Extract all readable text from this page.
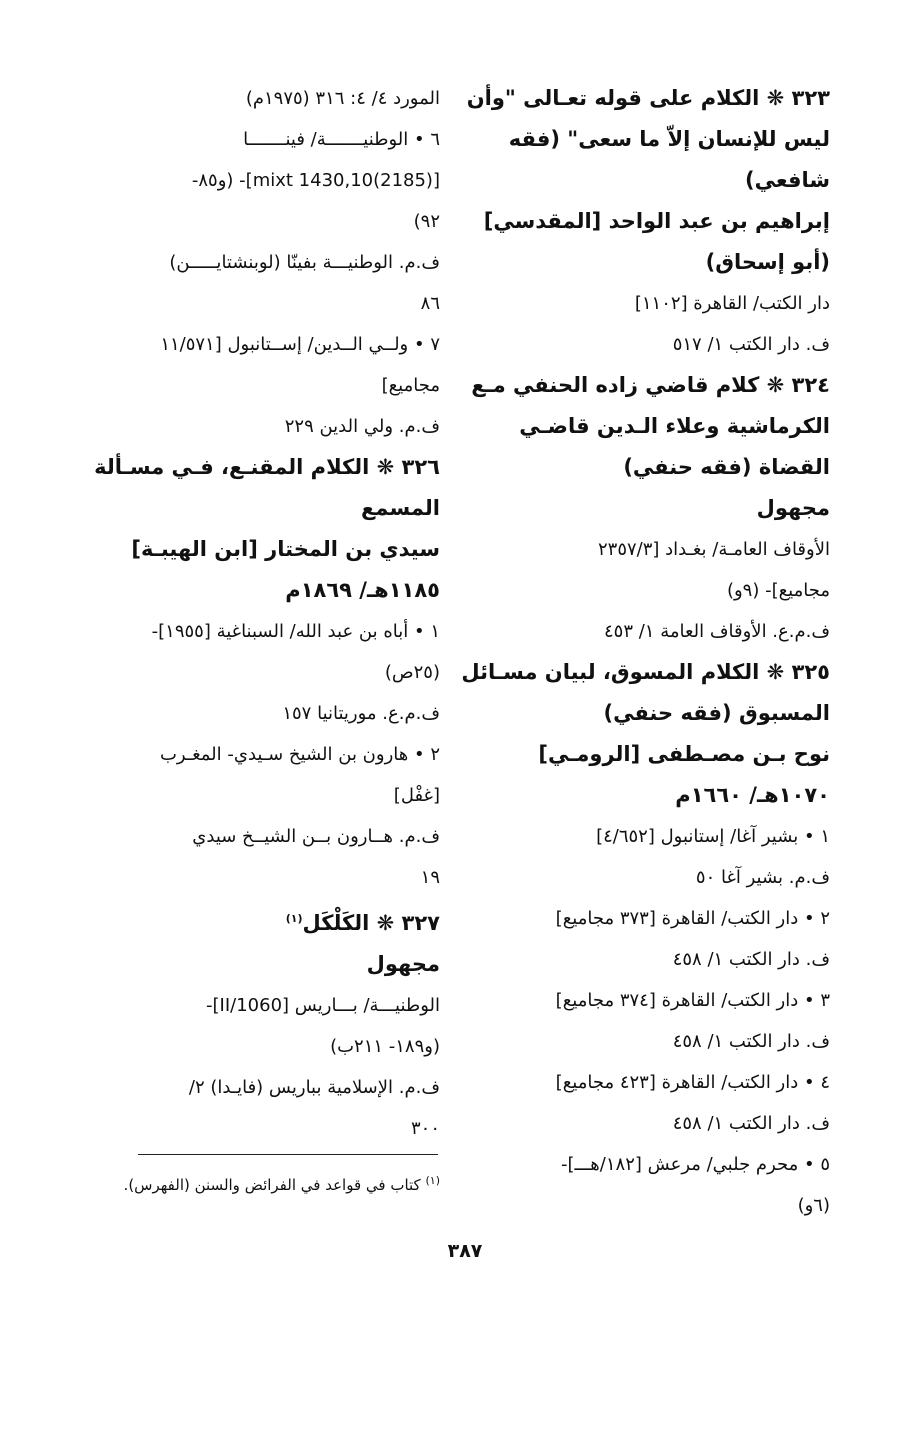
٣٢٣ ❋ الكلام على قوله تعـالى "وأن
ليس للإنسان إلاّ ما سعى" (فقه
شافعي)
إبراهيم بن عبد الواحد [المقدسي]
(أبو إسحاق)
دار الكتب/ القاهرة [١١٠٢]
ف. دار الكتب ١/ ٥١٧
٣٢٤ ❋ كلام قاضي زاده الحنفي مـع
الكرماشية وعلاء الـدين قاضـي
القضاة (فقه حنفي)
مجهول
الأوقاف العامـة/ بغـداد [٢٣٥٧/٣
مجاميع]- (٩و)
ف.م.ع. الأوقاف العامة ١/ ٤٥٣
٣٢٥ ❋ الكلام المسوق، لبيان مسـائل
المسبوق (فقه حنفي)
نوح بـن مصـطفى [الرومـي]
١٠٧٠هـ/ ١٦٦٠م
١ • بشير آغا/ إستانبول [٤/٦٥٢]
ف.م. بشير آغا ٥٠
٢ • دار الكتب/ القاهرة [٣٧٣ مجاميع]
ف. دار الكتب ١/ ٤٥٨
٣ • دار الكتب/ القاهرة [٣٧٤ مجاميع]
ف. دار الكتب ١/ ٤٥٨
٤ • دار الكتب/ القاهرة [٤٢٣ مجاميع]
ف. دار الكتب ١/ ٤٥٨
٥ • محرم جلبي/ مرعش [١٨٢/هـــ]-
(٦و)
المورد ٤/ ٤: ٣١٦ (١٩٧٥م)
٦ • الوطنيـــــــة/ فينـــــــا
[mixt 1430,10(2185)]- (و٨٥-
٩٢)
ف.م. الوطنيـــة بفينّا (لوبنشتايـــــن)
٨٦
٧ • ولــي الــدين/ إســتانبول [١١/٥٧١
مجاميع]
ف.م. ولي الدين ٢٢٩
٣٢٦ ❋ الكلام المقنـع، فـي مسـألة
المسمع
سيدي بن المختار [ابن الهيبـة]
١١٨٥هـ/ ١٨٦٩م
١ • أباه بن عبد الله/ السبناغية [١٩٥٥]-
(٢٥ص)
ف.م.ع. موريتانيا ١٥٧
٢ • هارون بن الشيخ سـيدي- المغـرب
[غفْل]
ف.م. هــارون بــن الشيــخ سيدي
١٩
٣٢٧ ❋ الكَلْكَل$^{(١)}$
مجهول
الوطنيـــة/ بـــاريس [1060/II]-
(و١٨٩- ٢١١ب)
ف.م. الإسلامية بباريس (فايـدا) ٢/
٣٠٠
$^{(١)}$ كتاب في قواعد في الفرائض والسنن (الفهرس).
٣٨٧
